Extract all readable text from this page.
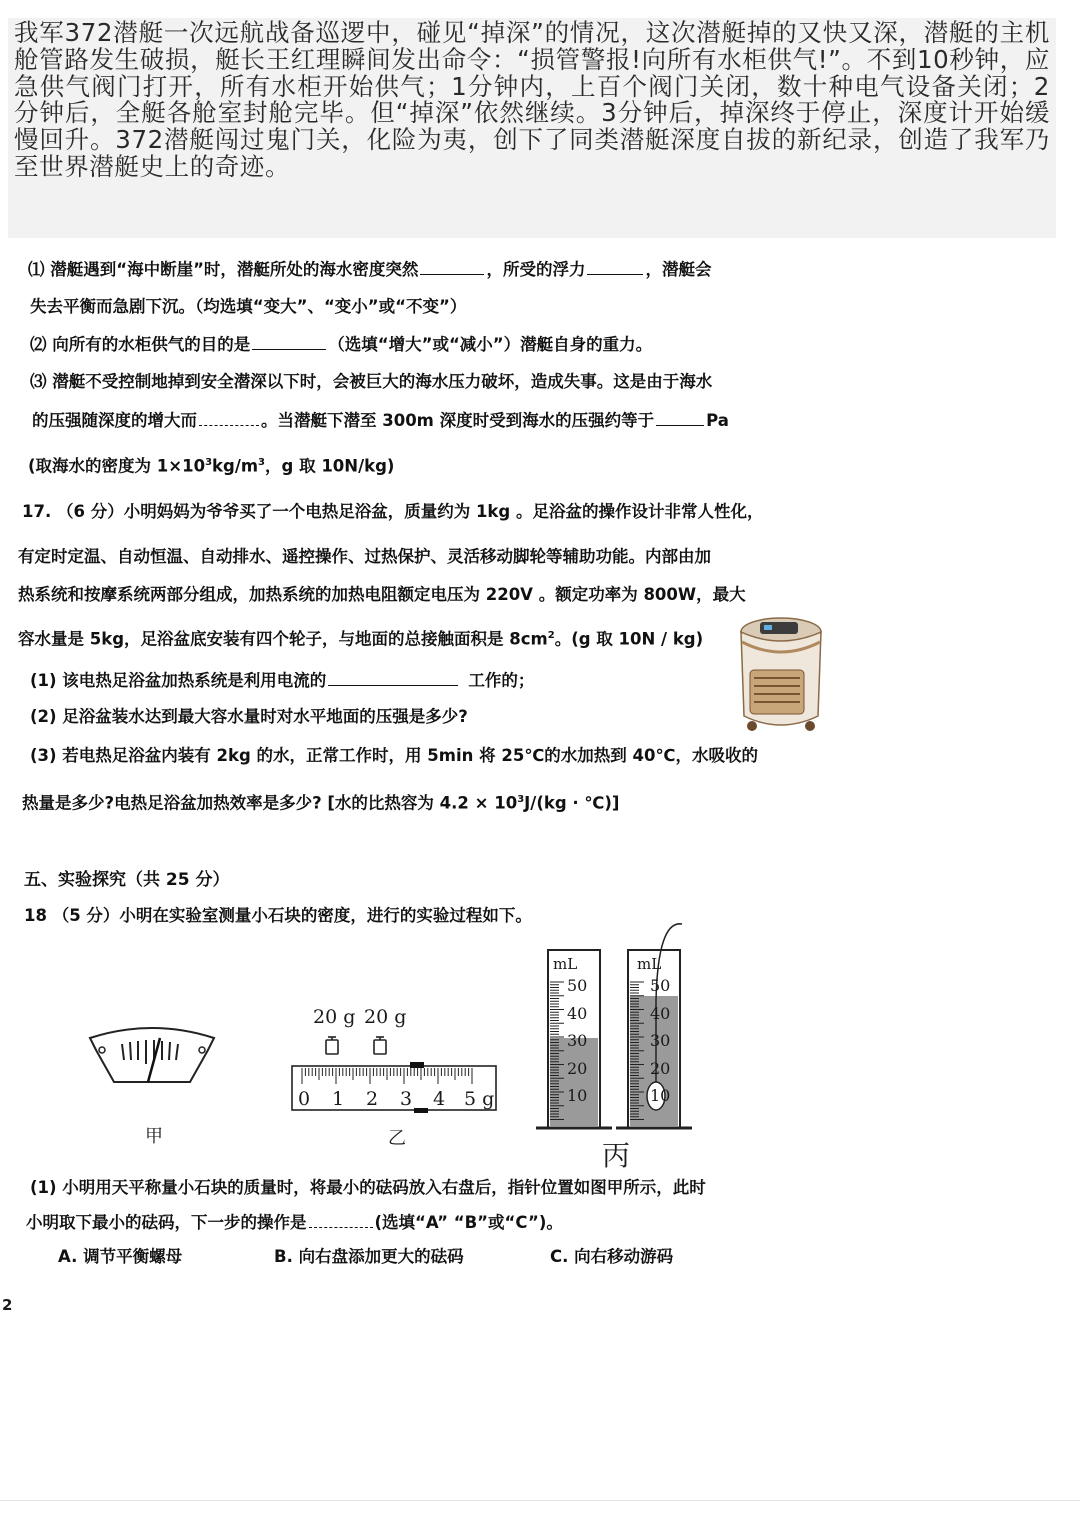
我军372潜艇一次远航战备巡逻中，碰见“掉深”的情况，这次潜艇掉的又快又深，潜艇的主机舱管路发生破损，艇长王红理瞬间发出命令：“损管警报!向所有水柜供气!”。不到10秒钟，应急供气阀门打开，所有水柜开始供气；1分钟内，上百个阀门关闭，数十种电气设备关闭；2分钟后，全艇各舱室封舱完毕。但“掉深”依然继续。3分钟后，掉深终于停止，深度计开始缓慢回升。372潜艇闯过鬼门关，化险为夷，创下了同类潜艇深度自拔的新纪录，创造了我军乃至世界潜艇史上的奇迹。

⑴ 潜艇遇到“海中断崖”时，潜艇所处的海水密度突然	，所受的浮力	，潜艇会
失去平衡而急剧下沉。（均选填“变大”、“变小”或“不变”）
⑵ 向所有的水柜供气的目的是	（选填“增大”或“减小”）潜艇自身的重力。
⑶ 潜艇不受控制地掉到安全潜深以下时，会被巨大的海水压力破坏，造成失事。这是由于海水
的压强随深度的增大而	。当潜艇下潜至 300m 深度时受到海水的压强约等于	Pa
(取海水的密度为 $1\times 10^3kg/m^3$，g 取 10N/kg)
17. （6 分）小明妈妈为爷爷买了一个电热足浴盆，质量约为 1kg 。足浴盆的操作设计非常人性化，
有定时定温、自动恒温、自动排水、遥控操作、过热保护、灵活移动脚轮等辅助功能。内部由加
热系统和按摩系统两部分组成，加热系统的加热电阻额定电压为 220V 。额定功率为 800W，最大
容水量是 5kg，足浴盆底安装有四个轮子，与地面的总接触面积是 $8cm^2$。(g 取 10N / kg)
(1) 该电热足浴盆加热系统是利用电流的	工作的；
(2) 足浴盆装水达到最大容水量时对水平地面的压强是多少?
(3) 若电热足浴盆内装有 2kg 的水，正常工作时，用 5min 将 25℃的水加热到 40℃，水吸收的
热量是多少?电热足浴盆加热效率是多少? [水的比热容为 $4.2 \times 10^3J/(kg$ · ℃)]
五、实验探究（共 25 分）
18 （5 分）小明在实验室测量小石块的密度，进行的实验过程如下。
甲
20 g 20 g
0 1 2 3 4 5 g
乙
mL	mL
50
40
30
20
10
50
40
30
20
10
丙
(1) 小明用天平称量小石块的质量时，将最小的砝码放入右盘后，指针位置如图甲所示，此时
小明取下最小的砝码，下一步的操作是	(选填“A” “B”或“C”)。
A. 调节平衡螺母	B. 向右盘添加更大的砝码	C. 向右移动游码
2
